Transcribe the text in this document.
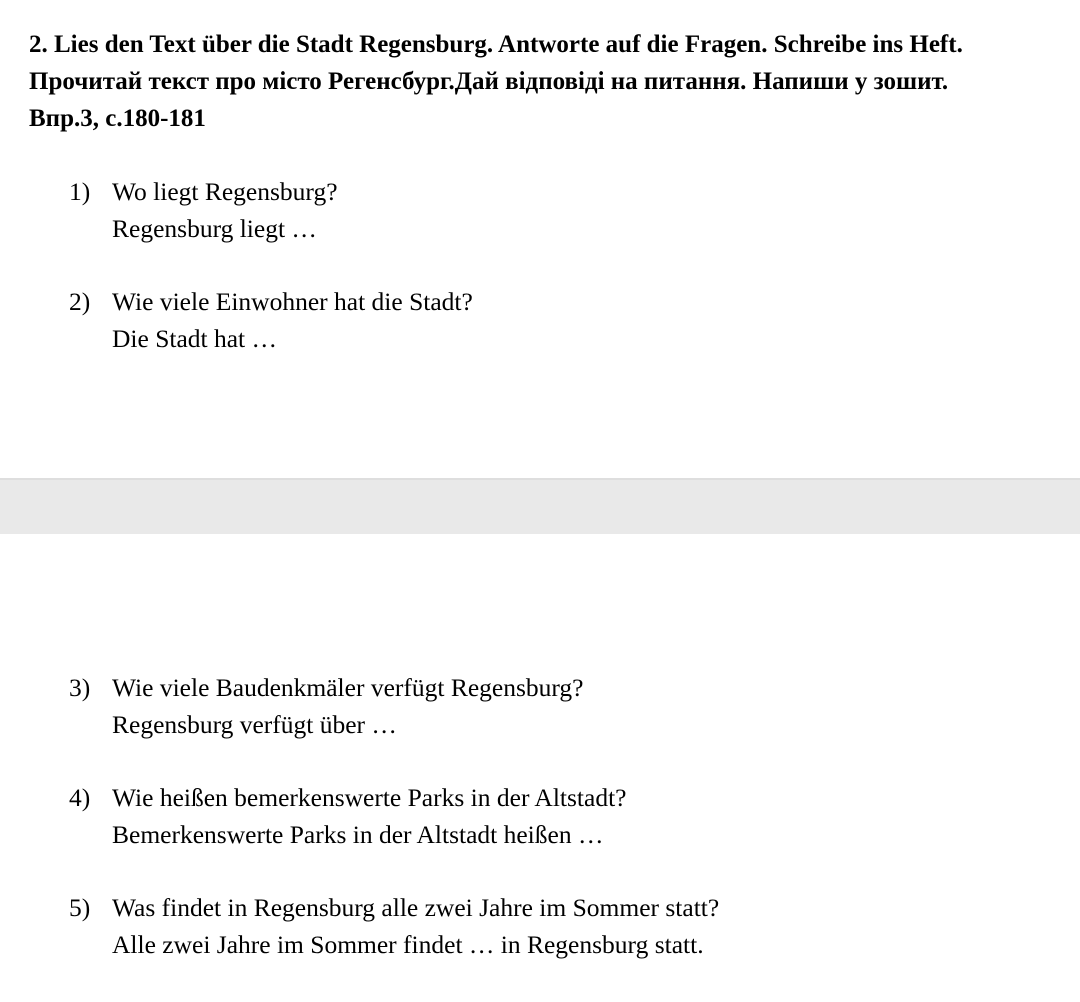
2. Lies den Text über die Stadt Regensburg. Antworte auf die Fragen. Schreibe ins Heft.
Прочитай текст про місто Регенсбург.Дай відповіді на питання. Напиши у зошит.
Впр.3, с.180-181
1) Wo liegt Regensburg?
Regensburg liegt …
2) Wie viele Einwohner hat die Stadt?
Die Stadt hat …
3) Wie viele Baudenkmäler verfügt Regensburg?
Regensburg verfügt über …
4) Wie heißen bemerkenswerte Parks in der Altstadt?
Bemerkenswerte Parks in der Altstadt heißen …
5) Was findet in Regensburg alle zwei Jahre im Sommer statt?
Alle zwei Jahre im Sommer findet … in Regensburg statt.
